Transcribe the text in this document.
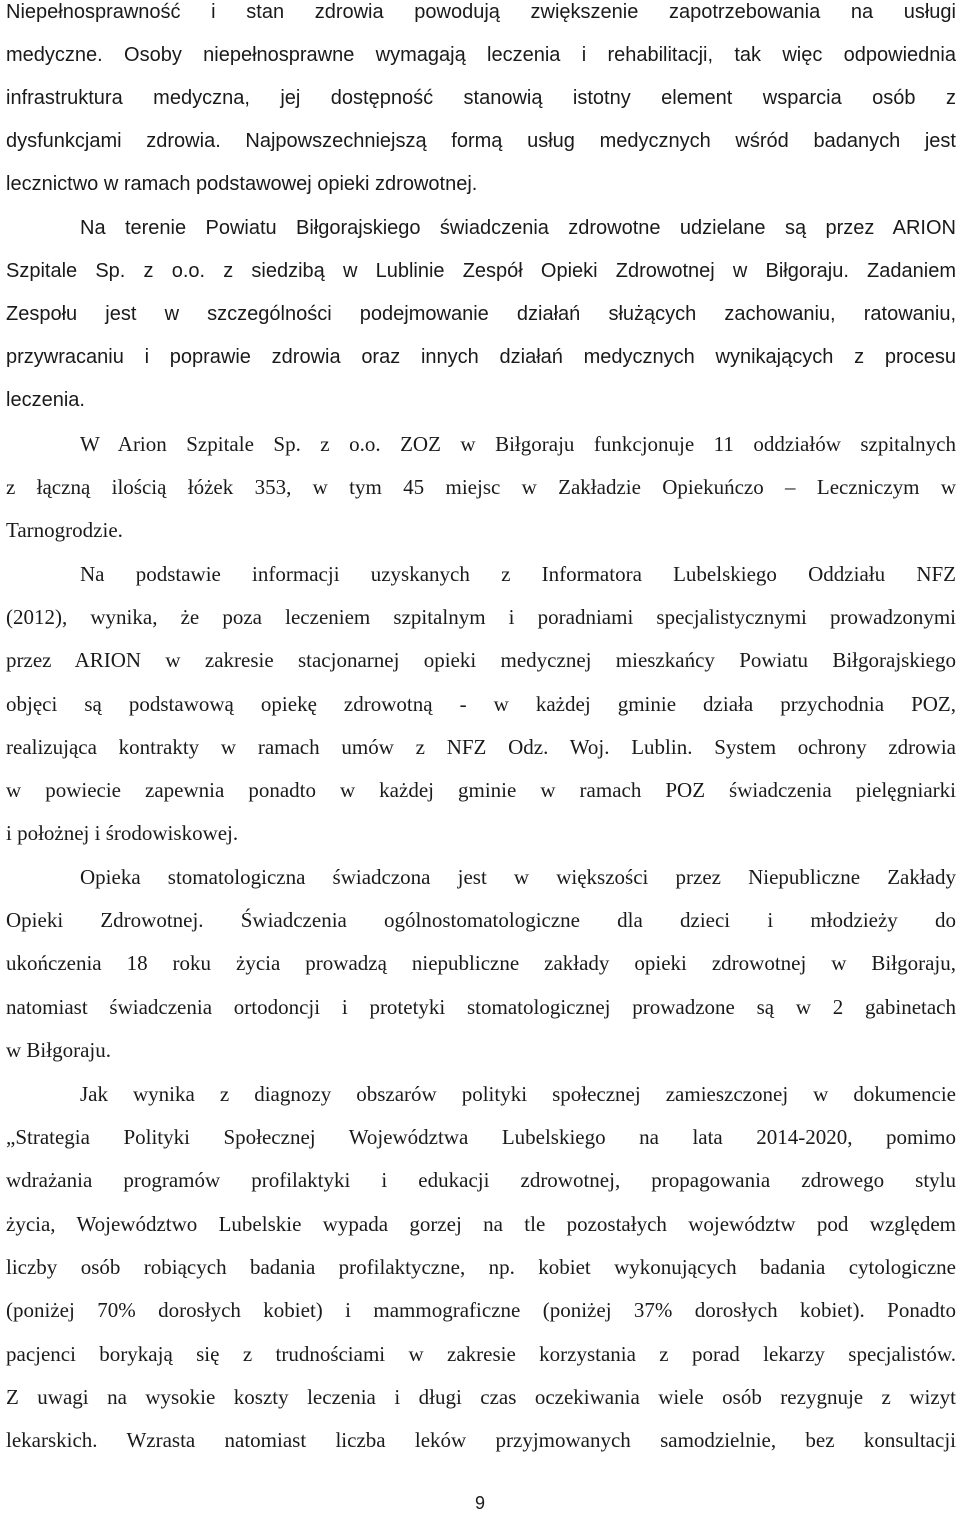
Niepełnosprawność i stan zdrowia powodują zwiększenie zapotrzebowania na usługi

medyczne. Osoby niepełnosprawne wymagają leczenia i rehabilitacji, tak więc odpowiednia

infrastruktura medyczna, jej dostępność stanowią istotny element wsparcia osób z

dysfunkcjami zdrowia. Najpowszechniejszą formą usług medycznych wśród badanych jest

lecznictwo w ramach podstawowej opieki zdrowotnej.

Na terenie Powiatu Biłgorajskiego świadczenia zdrowotne udzielane są przez ARION

Szpitale Sp. z o.o. z siedzibą w Lublinie Zespół Opieki Zdrowotnej w Biłgoraju. Zadaniem

Zespołu jest w szczególności podejmowanie działań służących zachowaniu, ratowaniu,

przywracaniu i poprawie zdrowia oraz innych działań medycznych wynikających z procesu

leczenia.

W Arion Szpitale Sp. z o.o. ZOZ w Biłgoraju funkcjonuje 11 oddziałów szpitalnych

z łączną ilością łóżek 353, w tym 45 miejsc w Zakładzie Opiekuńczo – Leczniczym w

Tarnogrodzie.

Na podstawie informacji uzyskanych z Informatora Lubelskiego Oddziału NFZ

(2012), wynika, że poza leczeniem szpitalnym i poradniami specjalistycznymi prowadzonymi

przez ARION w zakresie stacjonarnej opieki medycznej mieszkańcy Powiatu Biłgorajskiego

objęci są podstawową opiekę zdrowotną - w każdej gminie działa przychodnia POZ,

realizująca kontrakty w ramach umów z NFZ Odz. Woj. Lublin. System ochrony zdrowia

w powiecie zapewnia ponadto w każdej gminie w ramach POZ świadczenia pielęgniarki

i położnej i środowiskowej.

Opieka stomatologiczna świadczona jest w większości przez Niepubliczne Zakłady

Opieki Zdrowotnej. Świadczenia ogólnostomatologiczne dla dzieci i młodzieży do

ukończenia 18 roku życia prowadzą niepubliczne zakłady opieki zdrowotnej w Biłgoraju,

natomiast świadczenia ortodoncji i protetyki stomatologicznej prowadzone są w 2 gabinetach

w Biłgoraju.

Jak wynika z diagnozy obszarów polityki społecznej zamieszczonej w dokumencie

„Strategia Polityki Społecznej Województwa Lubelskiego na lata 2014-2020, pomimo

wdrażania programów profilaktyki i edukacji zdrowotnej, propagowania zdrowego stylu

życia, Województwo Lubelskie wypada gorzej na tle pozostałych województw pod względem

liczby osób robiących badania profilaktyczne, np. kobiet wykonujących badania cytologiczne

(poniżej 70% dorosłych kobiet) i mammograficzne (poniżej 37% dorosłych kobiet). Ponadto

pacjenci borykają się z trudnościami w zakresie korzystania z porad lekarzy specjalistów.

Z uwagi na wysokie koszty leczenia i długi czas oczekiwania wiele osób rezygnuje z wizyt

lekarskich. Wzrasta natomiast liczba leków przyjmowanych samodzielnie, bez konsultacji

9
